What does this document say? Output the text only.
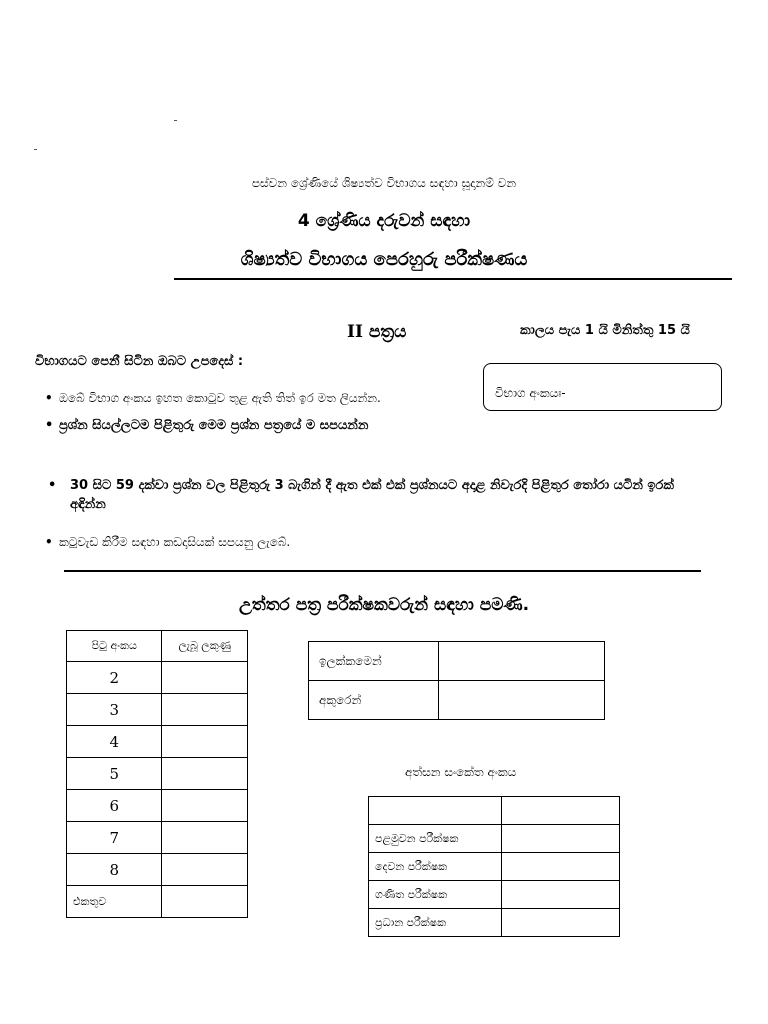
පස්වන ශ්‍රේණියේ ශිෂ්‍යත්ව විභාගය සඳහා සූදානම් වන
4 ශ්‍රේණිය දරුවන් සඳහා
ශිෂ්‍යත්ව විභාගය පෙරහුරු පරීක්ෂණය
II පත්‍රය	කාලය පැය 1 යි මිනිත්තු 15 යි
විභාගයට පෙනී සිටින ඔබට උපදෙස් :
විභාග අංකයඃ-
• ඔබේ විභාග අංකය ඉහත කොටුව තුළ ඇති තිත් ඉර මත ලියන්න.
• ප්‍රශ්න සියල්ලටම පිළිතුරු මෙම ප්‍රශ්න පත්‍රයේ ම සපයන්න
•	30 සිට 59 දක්වා ප්‍රශ්න වල පිළිතුරු 3 බැගින් දී ඇත එක් එක් ප්‍රශ්නයට අදාළ නිවැරදි පිළිතුර තෝරා යටින් ඉරක් අඳින්න
• කටුවැඩ කිරීම සඳහා කඩදාසියක් සපයනු ලැබේ.
උත්තර පත්‍ර පරීක්ෂකවරුන් සඳහා පමණි.
පිටු අංකය	ලැබූ ලකුණු
2	
3	
4	
5	
6	
7	
8	
එකතුව	
ඉලක්කමෙන්	
අකුරෙන්	
අත්සන සංකේත අංකය

පළමුවන පරීක්ෂක	
දෙවන පරීක්ෂක	
ගණිත පරීක්ෂක	
ප්‍රධාන පරීක්ෂක	
